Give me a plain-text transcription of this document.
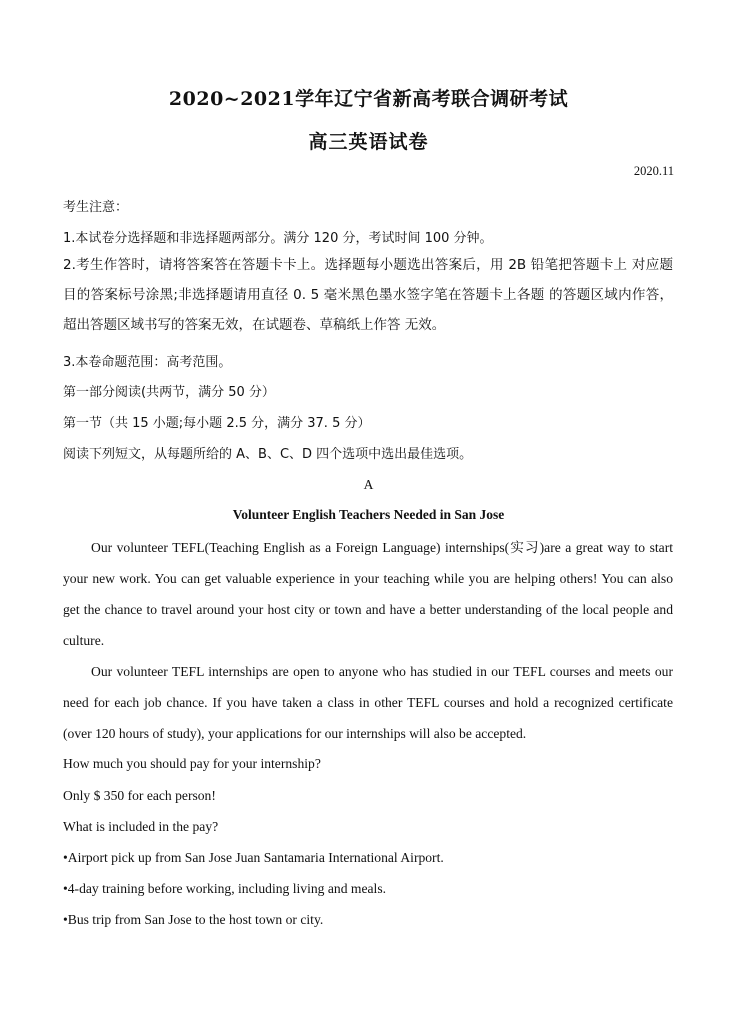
2020~2021学年辽宁省新高考联合调研考试
高三英语试卷
2020.11
考生注意：
1.本试卷分选择题和非选择题两部分。满分 120 分，考试时间 100 分钟。
2.考生作答时，请将答案答在答题卡卡上。选择题每小题选出答案后，用 2B 铅笔把答题卡上 对应题目的答案标号涂黑;非选择题请用直径 0. 5 毫米黑色墨水签字笔在答题卡上各题 的答题区域内作答，超出答题区域书写的答案无效，在试题卷、草稿纸上作答 无效。
3.本卷命题范围：高考范围。
第一部分阅读(共两节，满分 50 分）
第一节（共 15 小题;每小题 2.5 分，满分 37. 5 分）
阅读下列短文，从每题所给的 A、B、C、D 四个选项中选出最佳选项。
A
Volunteer English Teachers Needed in San Jose
Our volunteer TEFL(Teaching English as a Foreign Language) internships(实习)are a great way to start your new work. You can get valuable experience in your teaching while you are helping others! You can also get the chance to travel around your host city or town and have a better understanding of the local people and culture.
Our volunteer TEFL internships are open to anyone who has studied in our TEFL courses and meets our need for each job chance. If you have taken a class in other TEFL courses and hold a recognized certificate (over 120 hours of study), your applications for our internships will also be accepted.
How much you should pay for your internship?
Only $ 350 for each person!
What is included in the pay?
•Airport pick up from San Jose Juan Santamaria International Airport.
•4-day training before working, including living and meals.
•Bus trip from San Jose to the host town or city.
